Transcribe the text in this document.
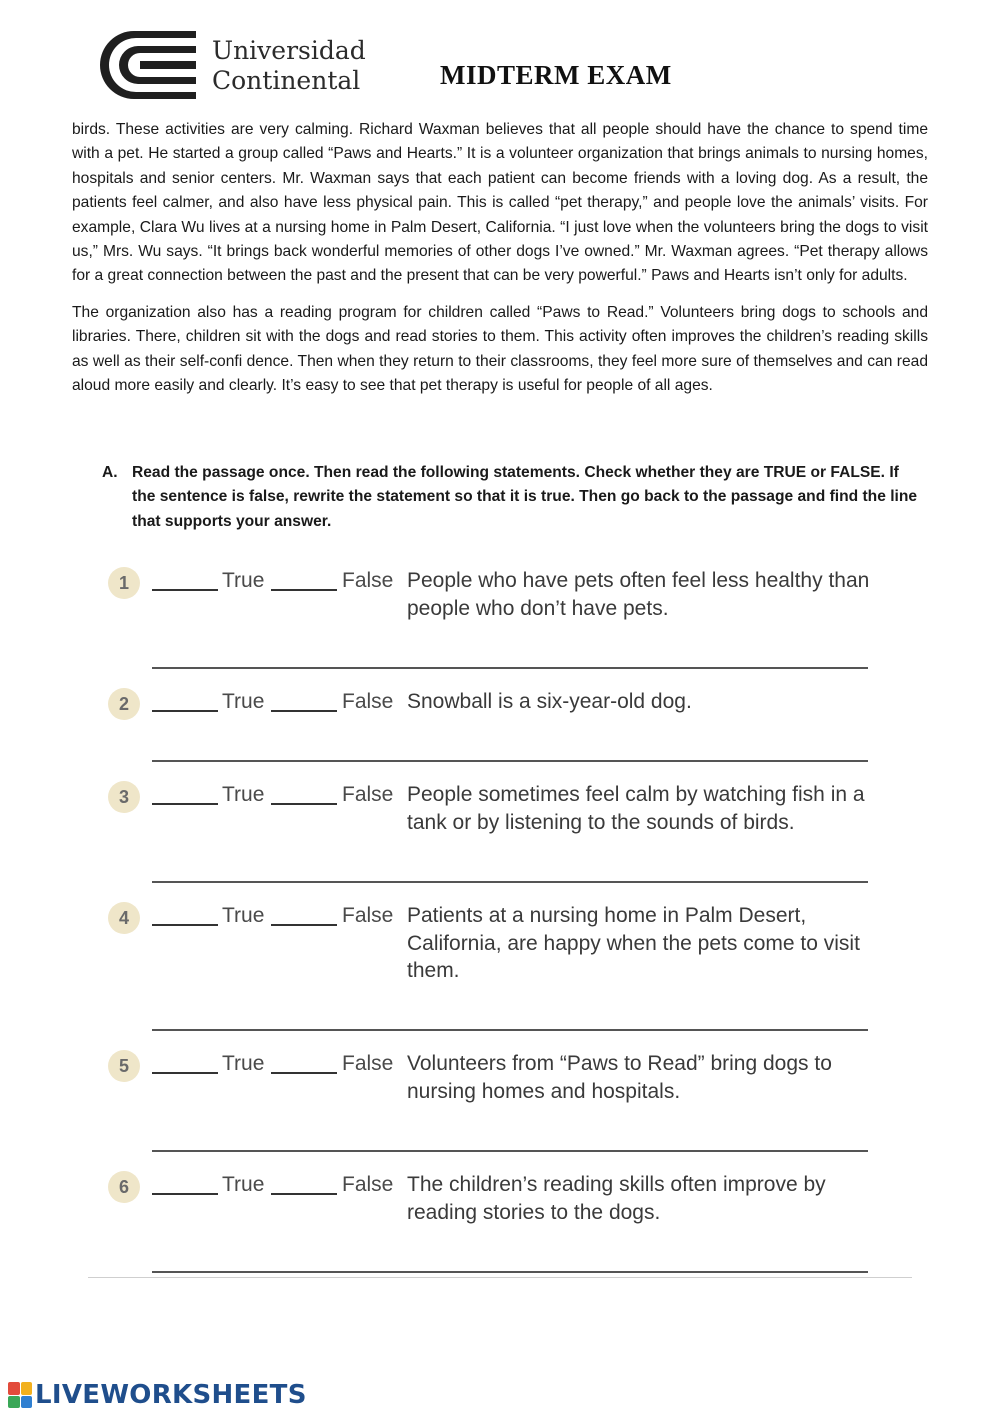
Universidad
Continental	MIDTERM EXAM

birds. These activities are very calming. Richard Waxman believes that all people should have the chance to spend time with a pet. He started a group called “Paws and Hearts.” It is a volunteer organization that brings animals to nursing homes, hospitals and senior centers. Mr. Waxman says that each patient can become friends with a loving dog. As a result, the patients feel calmer, and also have less physical pain. This is called “pet therapy,” and people love the animals’ visits. For example, Clara Wu lives at a nursing home in Palm Desert, California. “I just love when the volunteers bring the dogs to visit us,” Mrs. Wu says. “It brings back wonderful memories of other dogs I’ve owned.” Mr. Waxman agrees. “Pet therapy allows for a great connection between the past and the present that can be very powerful.” Paws and Hearts isn’t only for adults.

The organization also has a reading program for children called “Paws to Read.” Volunteers bring dogs to schools and libraries. There, children sit with the dogs and read stories to them. This activity often improves the children’s reading skills as well as their self-confi dence. Then when they return to their classrooms, they feel more sure of themselves and can read aloud more easily and clearly. It’s easy to see that pet therapy is useful for people of all ages.

A. Read the passage once. Then read the following statements. Check whether they are TRUE or FALSE. If the sentence is false, rewrite the statement so that it is true. Then go back to the passage and find the line that supports your answer.
1	True	False People who have pets often feel less healthy than people who don’t have pets.
2	True	False Snowball is a six-year-old dog.
3	True	False People sometimes feel calm by watching fish in a tank or by listening to the sounds of birds.
4	True	False Patients at a nursing home in Palm Desert, California, are happy when the pets come to visit them.
5	True	False Volunteers from “Paws to Read” bring dogs to nursing homes and hospitals.
6	True	False The children’s reading skills often improve by reading stories to the dogs.
LIVEWORKSHEETS
